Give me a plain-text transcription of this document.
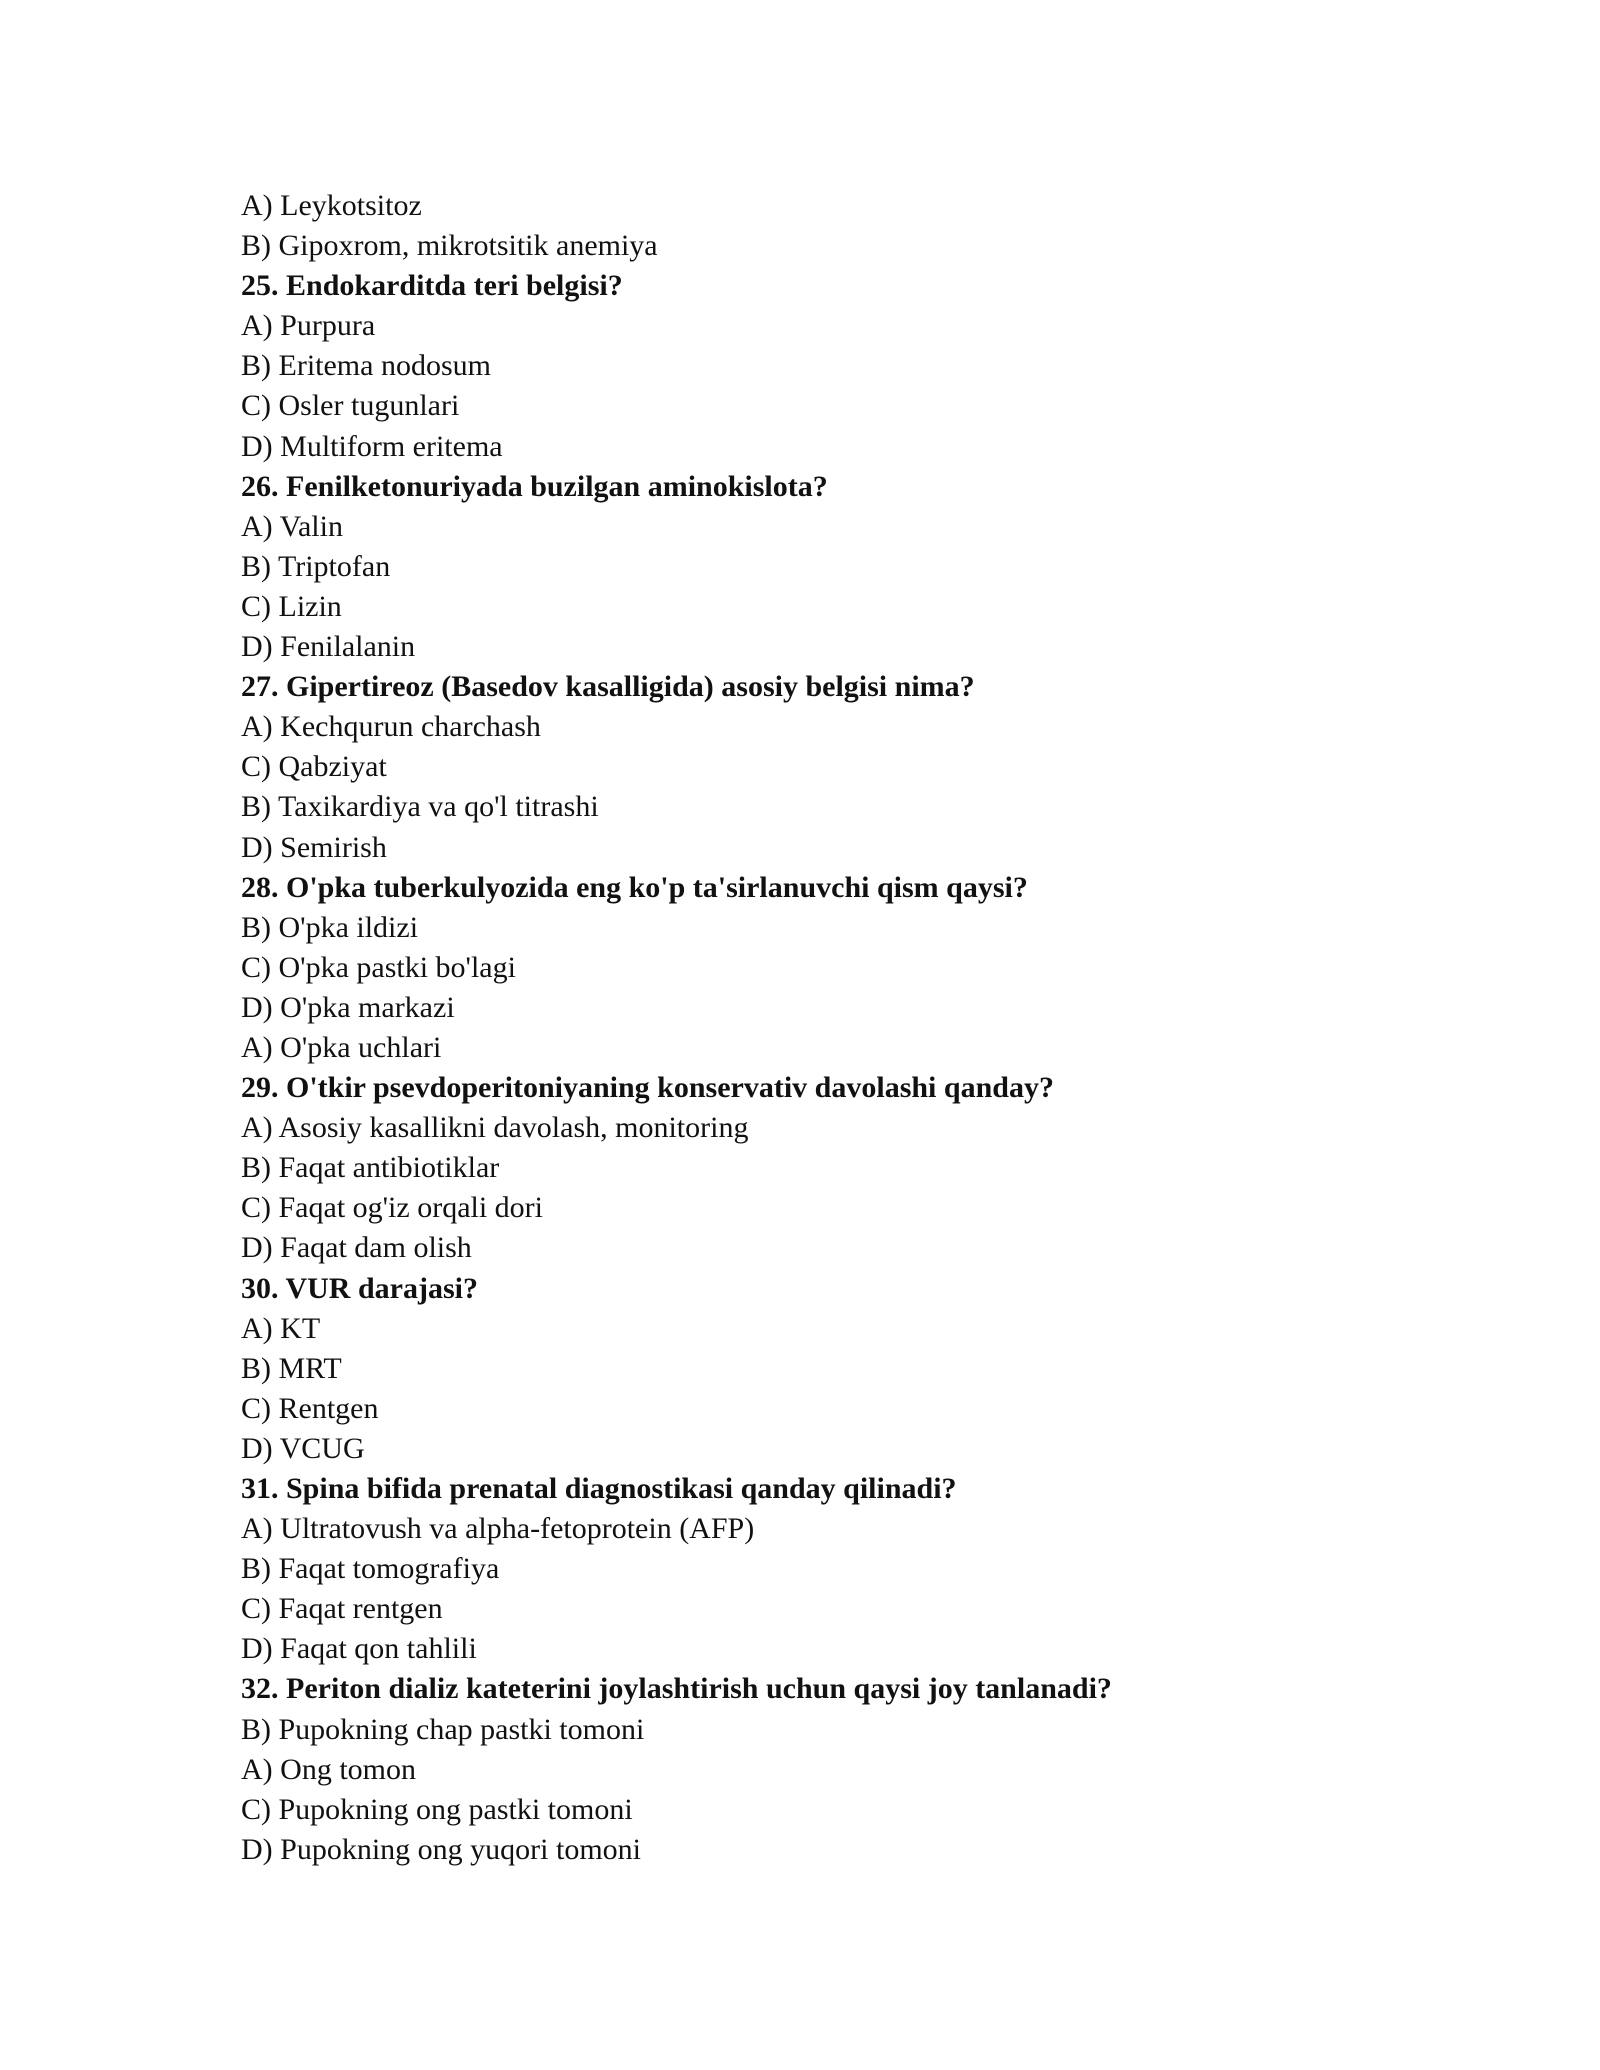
A) Leykotsitoz
B) Gipoxrom, mikrotsitik anemiya
25. Endokarditda teri belgisi?
A) Purpura
B) Eritema nodosum
C) Osler tugunlari
D) Multiform eritema
26. Fenilketonuriyada buzilgan aminokislota?
A) Valin
B) Triptofan
C) Lizin
D) Fenilalanin
27. Gipertireoz (Basedov kasalligida) asosiy belgisi nima?
A) Kechqurun charchash
C) Qabziyat
B) Taxikardiya va qo'l titrashi
D) Semirish
28. O'pka tuberkulyozida eng ko'p ta'sirlanuvchi qism qaysi?
B) O'pka ildizi
C) O'pka pastki bo'lagi
D) O'pka markazi
A) O'pka uchlari
29. O'tkir psevdoperitoniyaning konservativ davolashi qanday?
A) Asosiy kasallikni davolash, monitoring
B) Faqat antibiotiklar
C) Faqat og'iz orqali dori
D) Faqat dam olish
30. VUR darajasi?
A) KT
B) MRT
C) Rentgen
D) VCUG
31. Spina bifida prenatal diagnostikasi qanday qilinadi?
A) Ultratovush va alpha-fetoprotein (AFP)
B) Faqat tomografiya
C) Faqat rentgen
D) Faqat qon tahlili
32. Periton dializ kateterini joylashtirish uchun qaysi joy tanlanadi?
B) Pupokning chap pastki tomoni
A) Ong tomon
C) Pupokning ong pastki tomoni
D) Pupokning ong yuqori tomoni
